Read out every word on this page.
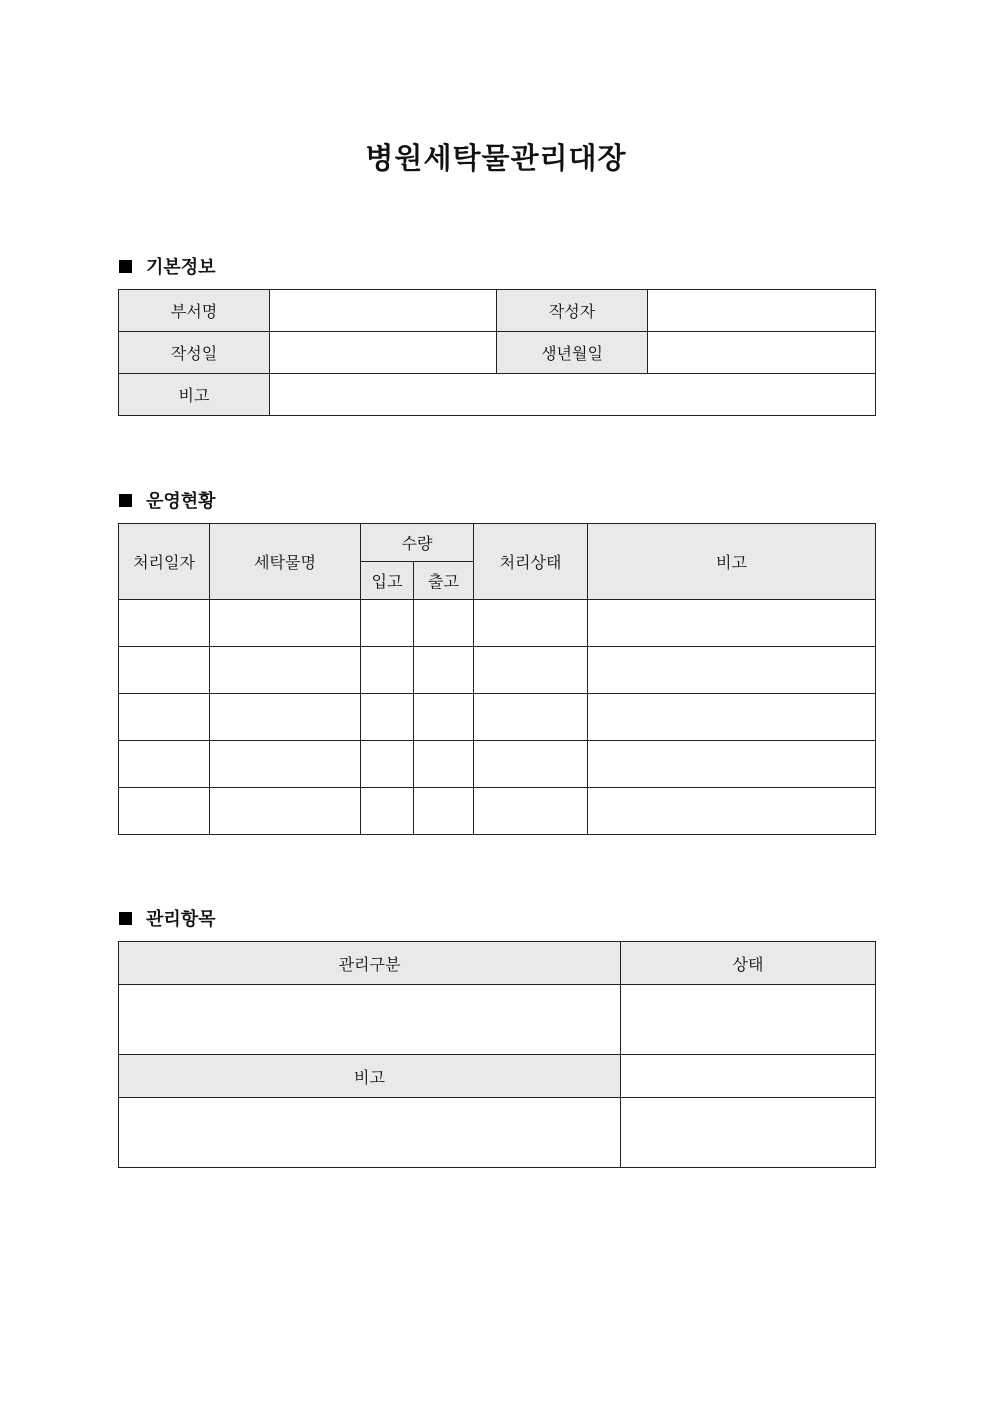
병원세탁물관리대장
기본정보
부서명		작성자	
작성일		생년월일	
비고			
운영현황
처리일자	세탁물명	수량		처리상태	비고
		입고	출고		

관리항목
관리구분	상태

비고	
